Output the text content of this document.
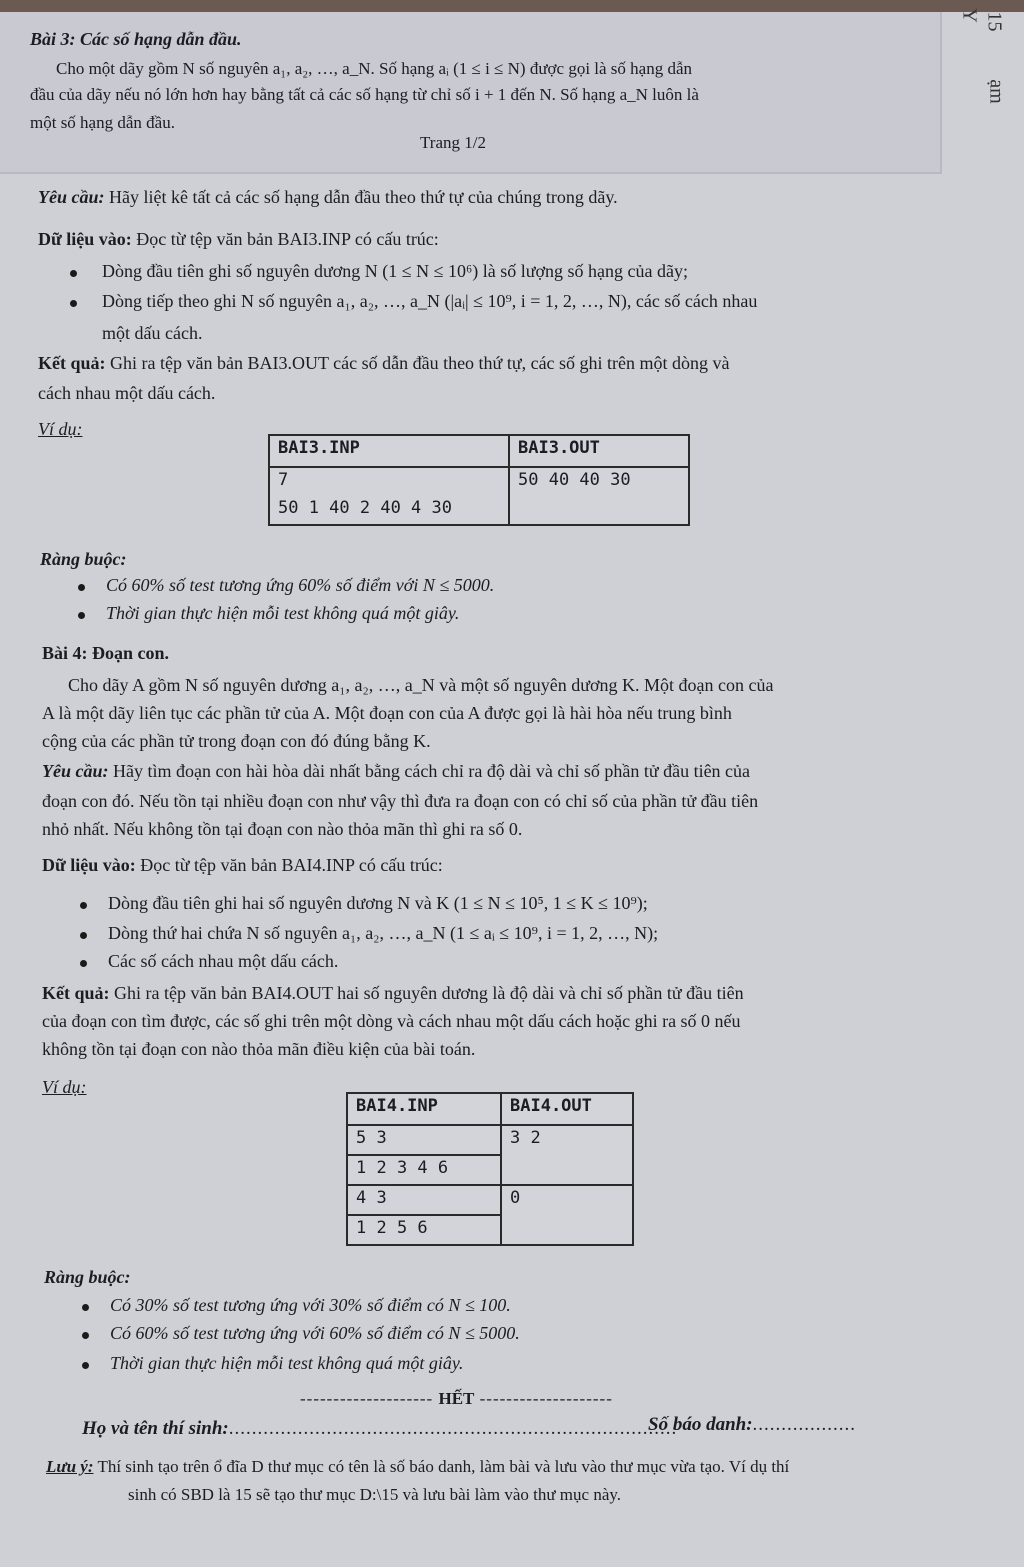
Y 15
ạm
Bài 3: Các số hạng dẫn đầu.
Cho một dãy gồm N số nguyên a₁, a₂, …, a_N. Số hạng aᵢ (1 ≤ i ≤ N) được gọi là số hạng dẫn
đầu của dãy nếu nó lớn hơn hay bằng tất cả các số hạng từ chỉ số i + 1 đến N. Số hạng a_N luôn là
một số hạng dẫn đầu.
Trang 1/2
Yêu cầu: Hãy liệt kê tất cả các số hạng dẫn đầu theo thứ tự của chúng trong dãy.
Dữ liệu vào: Đọc từ tệp văn bản BAI3.INP có cấu trúc:
Dòng đầu tiên ghi số nguyên dương N (1 ≤ N ≤ 10⁶) là số lượng số hạng của dãy;
Dòng tiếp theo ghi N số nguyên a₁, a₂, …, a_N (|aᵢ| ≤ 10⁹, i = 1, 2, …, N), các số cách nhau
một dấu cách.
Kết quả: Ghi ra tệp văn bản BAI3.OUT các số dẫn đầu theo thứ tự, các số ghi trên một dòng và
cách nhau một dấu cách.
Ví dụ:
BAI3.INP	BAI3.OUT
7	50 40 40 30
50 1 40 2 40 4 30	
Ràng buộc:
Có 60% số test tương ứng 60% số điểm với N ≤ 5000.
Thời gian thực hiện mỗi test không quá một giây.
Bài 4: Đoạn con.
Cho dãy A gồm N số nguyên dương a₁, a₂, …, a_N và một số nguyên dương K. Một đoạn con của
A là một dãy liên tục các phần tử của A. Một đoạn con của A được gọi là hài hòa nếu trung bình
cộng của các phần tử trong đoạn con đó đúng bằng K.
Yêu cầu: Hãy tìm đoạn con hài hòa dài nhất bằng cách chỉ ra độ dài và chỉ số phần tử đầu tiên của
đoạn con đó. Nếu tồn tại nhiều đoạn con như vậy thì đưa ra đoạn con có chỉ số của phần tử đầu tiên
nhỏ nhất. Nếu không tồn tại đoạn con nào thỏa mãn thì ghi ra số 0.
Dữ liệu vào: Đọc từ tệp văn bản BAI4.INP có cấu trúc:
Dòng đầu tiên ghi hai số nguyên dương N và K (1 ≤ N ≤ 10⁵, 1 ≤ K ≤ 10⁹);
Dòng thứ hai chứa N số nguyên a₁, a₂, …, a_N (1 ≤ aᵢ ≤ 10⁹, i = 1, 2, …, N);
Các số cách nhau một dấu cách.
Kết quả: Ghi ra tệp văn bản BAI4.OUT hai số nguyên dương là độ dài và chỉ số phần tử đầu tiên
của đoạn con tìm được, các số ghi trên một dòng và cách nhau một dấu cách hoặc ghi ra số 0 nếu
không tồn tại đoạn con nào thỏa mãn điều kiện của bài toán.
Ví dụ:
BAI4.INP	BAI4.OUT
5 3	3 2
1 2 3 4 6	
4 3	0
1 2 5 6	
Ràng buộc:
Có 30% số test tương ứng với 30% số điểm có N ≤ 100.
Có 60% số test tương ứng với 60% số điểm có N ≤ 5000.
Thời gian thực hiện mỗi test không quá một giây.
-------------------- HẾT --------------------
Họ và tên thí sinh:..............................................................................
Số báo danh:..................
Lưu ý: Thí sinh tạo trên ổ đĩa D thư mục có tên là số báo danh, làm bài và lưu vào thư mục vừa tạo. Ví dụ thí
sinh có SBD là 15 sẽ tạo thư mục D:\15 và lưu bài làm vào thư mục này.
